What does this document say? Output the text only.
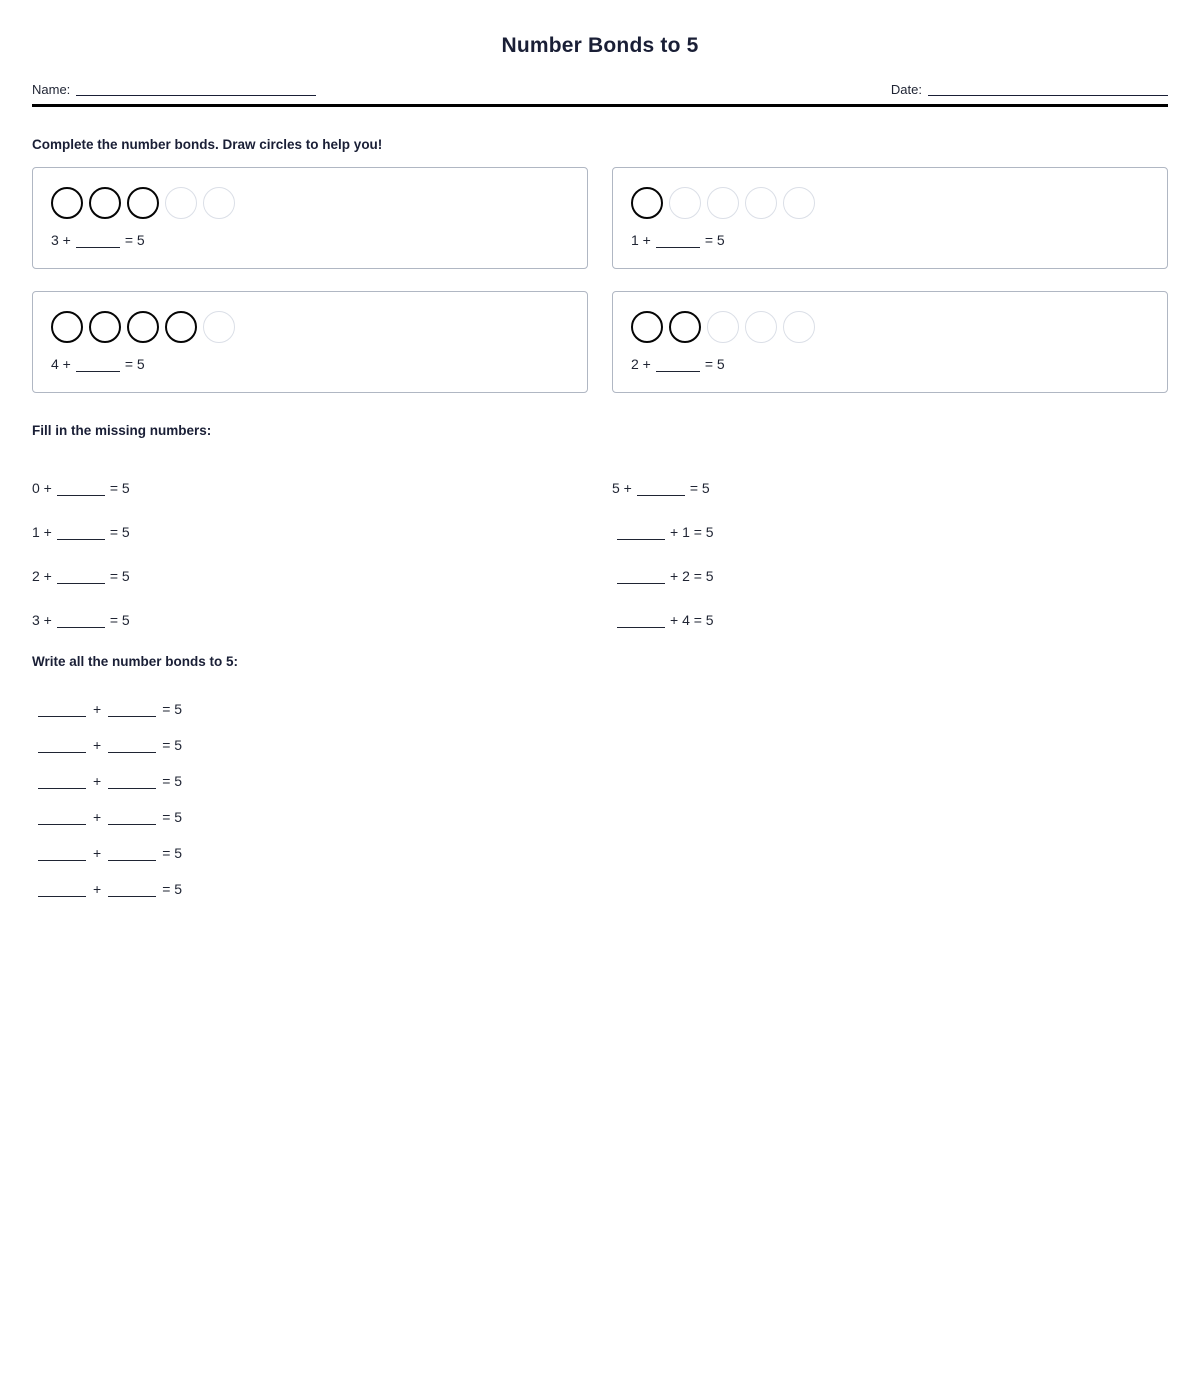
Number Bonds to 5
Name:	Date:
Complete the number bonds. Draw circles to help you!
3 +	= 5	1 +	= 5
4 +	= 5	2 +	= 5
Fill in the missing numbers:
0 +	= 5
1 +	= 5
2 +	= 5
3 +	= 5
5 +	= 5
+ 1 = 5
+ 2 = 5
+ 4 = 5
Write all the number bonds to 5:
+	= 5
+	= 5
+	= 5
+	= 5
+	= 5
+	= 5
